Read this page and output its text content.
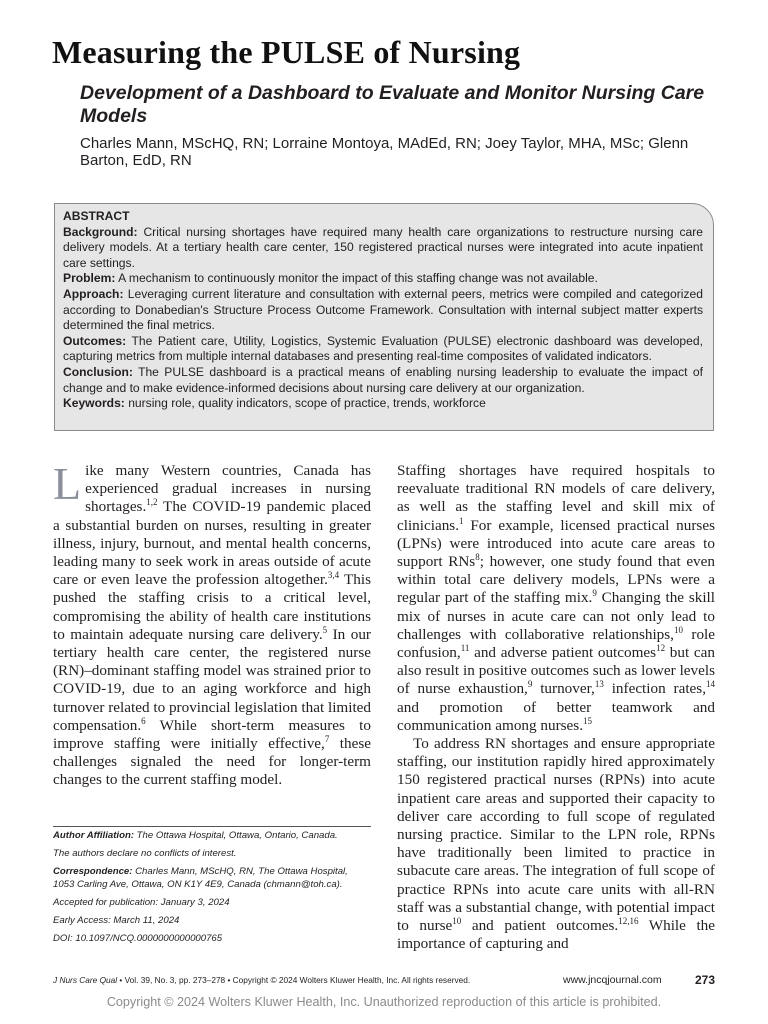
Measuring the PULSE of Nursing
Development of a Dashboard to Evaluate and Monitor Nursing Care Models

Charles Mann, MScHQ, RN; Lorraine Montoya, MAdEd, RN; Joey Taylor, MHA, MSc; Glenn Barton, EdD, RN

ABSTRACT

Background: Critical nursing shortages have required many health care organizations to restructure nursing care delivery models. At a tertiary health care center, 150 registered practical nurses were integrated into acute inpatient care settings.

Problem: A mechanism to continuously monitor the impact of this staffing change was not available.

Approach: Leveraging current literature and consultation with external peers, metrics were compiled and categorized according to Donabedian's Structure Process Outcome Framework. Consultation with internal subject matter experts determined the final metrics.

Outcomes: The Patient care, Utility, Logistics, Systemic Evaluation (PULSE) electronic dashboard was developed, capturing metrics from multiple internal databases and presenting real-time composites of validated indicators.

Conclusion: The PULSE dashboard is a practical means of enabling nursing leadership to evaluate the impact of change and to make evidence-informed decisions about nursing care delivery at our organization.

Keywords: nursing role, quality indicators, scope of practice, trends, workforce

Like many Western countries, Canada has experienced gradual increases in nursing shortages.$^{1,2}$ The COVID-19 pandemic placed a substantial burden on nurses, resulting in greater illness, injury, burnout, and mental health concerns, leading many to seek work in areas outside of acute care or even leave the profession altogether.$^{3,4}$ This pushed the staffing crisis to a critical level, compromising the ability of health care institutions to maintain adequate nursing care delivery.$^5$ In our tertiary health care center, the registered nurse (RN)–dominant staffing model was strained prior to COVID-19, due to an aging workforce and high turnover related to provincial legislation that limited compensation.$^6$ While short-term measures to improve staffing were initially effective,$^7$ these challenges signaled the need for longer-term changes to the current staffing model.

Staffing shortages have required hospitals to reevaluate traditional RN models of care delivery, as well as the staffing level and skill mix of clinicians.$^1$ For example, licensed practical nurses (LPNs) were introduced into acute care areas to support RNs$^8$; however, one study found that even within total care delivery models, LPNs were a regular part of the staffing mix.$^9$ Changing the skill mix of nurses in acute care can not only lead to challenges with collaborative relationships,$^{10}$ role confusion,$^{11}$ and adverse patient outcomes$^{12}$ but can also result in positive outcomes such as lower levels of nurse exhaustion,$^9$ turnover,$^{13}$ infection rates,$^{14}$ and promotion of better teamwork and communication among nurses.$^{15}$

To address RN shortages and ensure appropriate staffing, our institution rapidly hired approximately 150 registered practical nurses (RPNs) into acute inpatient care areas and supported their capacity to deliver care according to full scope of regulated nursing practice. Similar to the LPN role, RPNs have traditionally been limited to practice in subacute care areas. The integration of full scope of practice RPNs into acute care units with all-RN staff was a substantial change, with potential impact to nurse$^{10}$ and patient outcomes.$^{12,16}$ While the importance of capturing and

Author Affiliation: The Ottawa Hospital, Ottawa, Ontario, Canada.

The authors declare no conflicts of interest.

Correspondence: Charles Mann, MScHQ, RN, The Ottawa Hospital, 1053 Carling Ave, Ottawa, ON K1Y 4E9, Canada (chmann@toh.ca).

Accepted for publication: January 3, 2024

Early Access: March 11, 2024

DOI: 10.1097/NCQ.0000000000000765

J Nurs Care Qual • Vol. 39, No. 3, pp. 273–278 • Copyright © 2024 Wolters Kluwer Health, Inc. All rights reserved.	www.jncqjournal.com	273
Copyright © 2024 Wolters Kluwer Health, Inc. Unauthorized reproduction of this article is prohibited.
